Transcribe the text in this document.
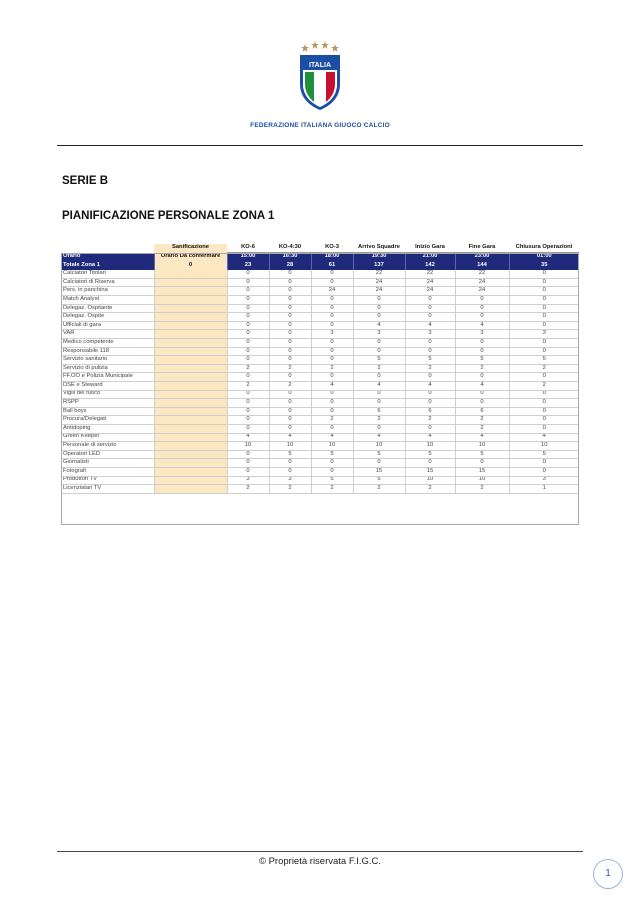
ITALIA
FEDERAZIONE ITALIANA GIUOCO CALCIO
SERIE B
PIANIFICAZIONE PERSONALE ZONA 1
	Sanificazione	KO-6	KO-4:30	KO-3	Arrivo Squadre	Inizio Gara	Fine Gara	Chiusura Operazioni
Orario	Orario Da confermare	15:00	16:30	18:00	19:30	21:00	23:00	01:00
Totale Zona 1	0	23	28	61	137	142	144	35
Calciatori Titolari		0	0	0	22	22	22	0
Calciatori di Riserva		0	0	0	24	24	24	0
Pers. in panchina		0	0	24	24	24	24	0
Match Analyst		0	0	0	0	0	0	0
Delegaz. Ospitante		0	0	0	0	0	0	0
Delegaz. Ospite		0	0	0	0	0	0	0
Ufficiali di gara		0	0	0	4	4	4	0
VAR		0	0	3	3	3	3	3
Medico competente		0	0	0	0	0	0	0
Responsabile 118		0	0	0	0	0	0	0
Servizio sanitario		0	0	0	5	5	5	5
Servizio di pulizia		2	2	2	2	2	2	2
FF.OO e Polizia Municipale		0	0	0	0	0	0	0
DSE e Steward		2	2	4	4	4	4	2
Vigili del fuoco		0	0	0	0	0	0	0
RSPP		0	0	0	0	0	0	0
Ball boys		0	0	0	6	6	6	0
Procura/Delegati		0	0	2	2	2	2	0
Antidoping		0	0	0	0	0	2	0
Green Keeper		4	4	4	4	4	4	4
Personale di servizio		10	10	10	10	10	10	10
Operatori LED		0	5	5	5	5	5	5
Giornalisti		0	0	0	0	0	0	0
Fotografi		0	0	0	15	15	15	0
Produttori TV		3	3	5	5	10	10	3
Licenziatari TV		2	2	2	2	2	2	1
© Proprietà riservata F.I.G.C.
1
